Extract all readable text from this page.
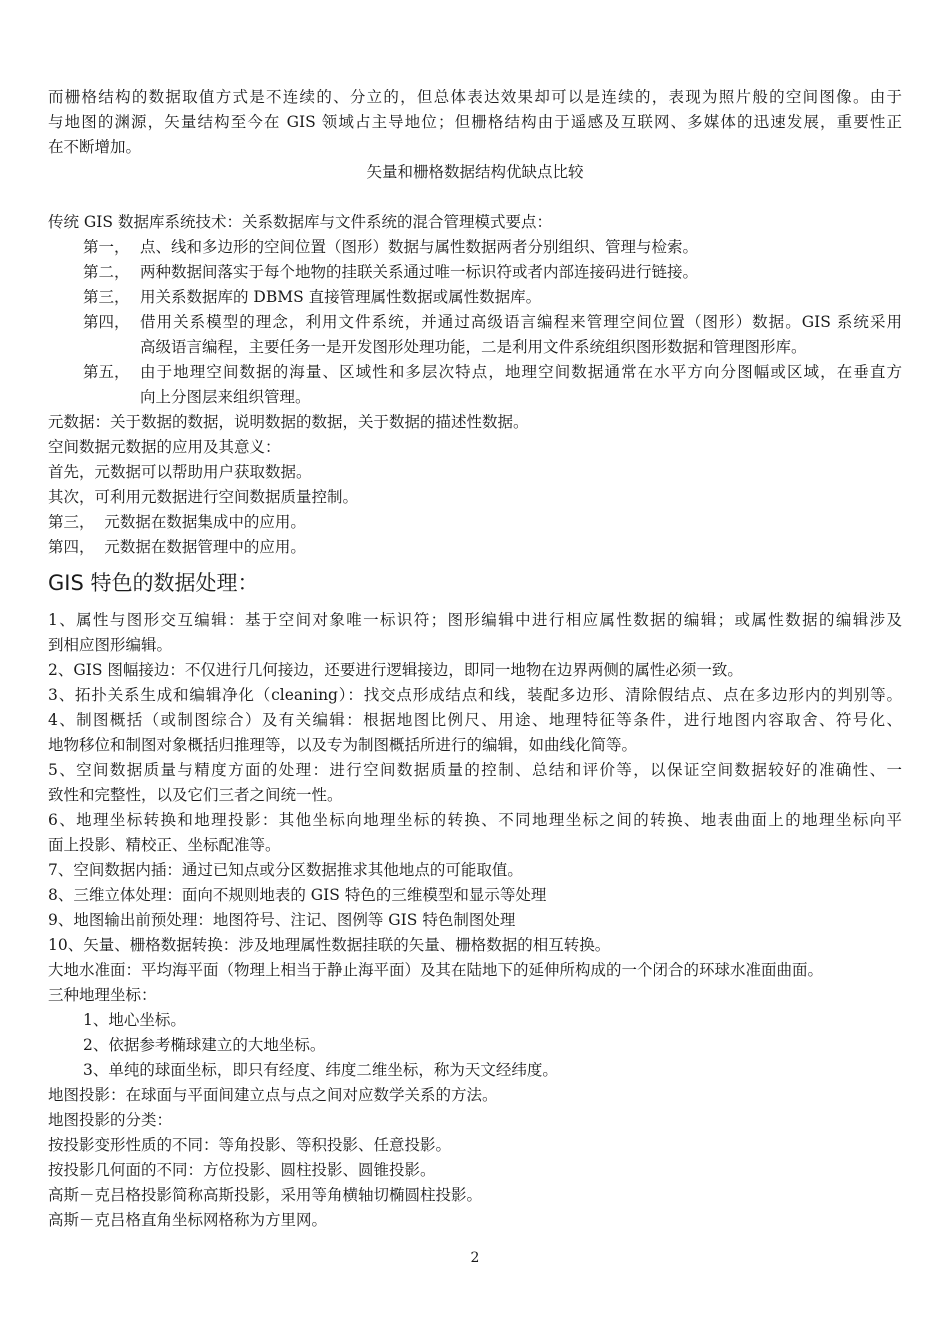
而栅格结构的数据取值方式是不连续的、分立的，但总体表达效果却可以是连续的，表现为照片般的空间图像。由于
与地图的渊源，矢量结构至今在 GIS 领域占主导地位；但栅格结构由于遥感及互联网、多媒体的迅速发展，重要性正
在不断增加。
矢量和栅格数据结构优缺点比较
传统 GIS 数据库系统技术：关系数据库与文件系统的混合管理模式要点：
第一， 点、线和多边形的空间位置（图形）数据与属性数据两者分别组织、管理与检索。
第二， 两种数据间落实于每个地物的挂联关系通过唯一标识符或者内部连接码进行链接。
第三， 用关系数据库的 DBMS 直接管理属性数据或属性数据库。
第四， 借用关系模型的理念，利用文件系统，并通过高级语言编程来管理空间位置（图形）数据。GIS 系统采用
高级语言编程，主要任务一是开发图形处理功能，二是利用文件系统组织图形数据和管理图形库。
第五， 由于地理空间数据的海量、区域性和多层次特点，地理空间数据通常在水平方向分图幅或区域，在垂直方
向上分图层来组织管理。
元数据：关于数据的数据，说明数据的数据，关于数据的描述性数据。
空间数据元数据的应用及其意义：
首先，元数据可以帮助用户获取数据。
其次，可利用元数据进行空间数据质量控制。
第三，  元数据在数据集成中的应用。
第四，  元数据在数据管理中的应用。
GIS 特色的数据处理：
1、属性与图形交互编辑：基于空间对象唯一标识符；图形编辑中进行相应属性数据的编辑；或属性数据的编辑涉及
到相应图形编辑。
2、GIS 图幅接边：不仅进行几何接边，还要进行逻辑接边，即同一地物在边界两侧的属性必须一致。
3、拓扑关系生成和编辑净化（cleaning）：找交点形成结点和线，装配多边形、清除假结点、点在多边形内的判别等。
4、制图概括（或制图综合）及有关编辑：根据地图比例尺、用途、地理特征等条件，进行地图内容取舍、符号化、
地物移位和制图对象概括归推理等，以及专为制图概括所进行的编辑，如曲线化简等。
5、空间数据质量与精度方面的处理：进行空间数据质量的控制、总结和评价等，以保证空间数据较好的准确性、一
致性和完整性，以及它们三者之间统一性。
6、地理坐标转换和地理投影：其他坐标向地理坐标的转换、不同地理坐标之间的转换、地表曲面上的地理坐标向平
面上投影、精校正、坐标配准等。
7、空间数据内插：通过已知点或分区数据推求其他地点的可能取值。
8、三维立体处理：面向不规则地表的 GIS 特色的三维模型和显示等处理
9、地图输出前预处理：地图符号、注记、图例等 GIS 特色制图处理
10、矢量、栅格数据转换：涉及地理属性数据挂联的矢量、栅格数据的相互转换。
大地水准面：平均海平面（物理上相当于静止海平面）及其在陆地下的延伸所构成的一个闭合的环球水准面曲面。
三种地理坐标：
1、 地心坐标。
2、 依据参考椭球建立的大地坐标。
3、 单纯的球面坐标，即只有经度、纬度二维坐标，称为天文经纬度。
地图投影：在球面与平面间建立点与点之间对应数学关系的方法。
地图投影的分类：
按投影变形性质的不同：等角投影、等积投影、任意投影。
按投影几何面的不同：方位投影、圆柱投影、圆锥投影。
高斯－克吕格投影简称高斯投影，采用等角横轴切椭圆柱投影。
高斯－克吕格直角坐标网格称为方里网。
2
